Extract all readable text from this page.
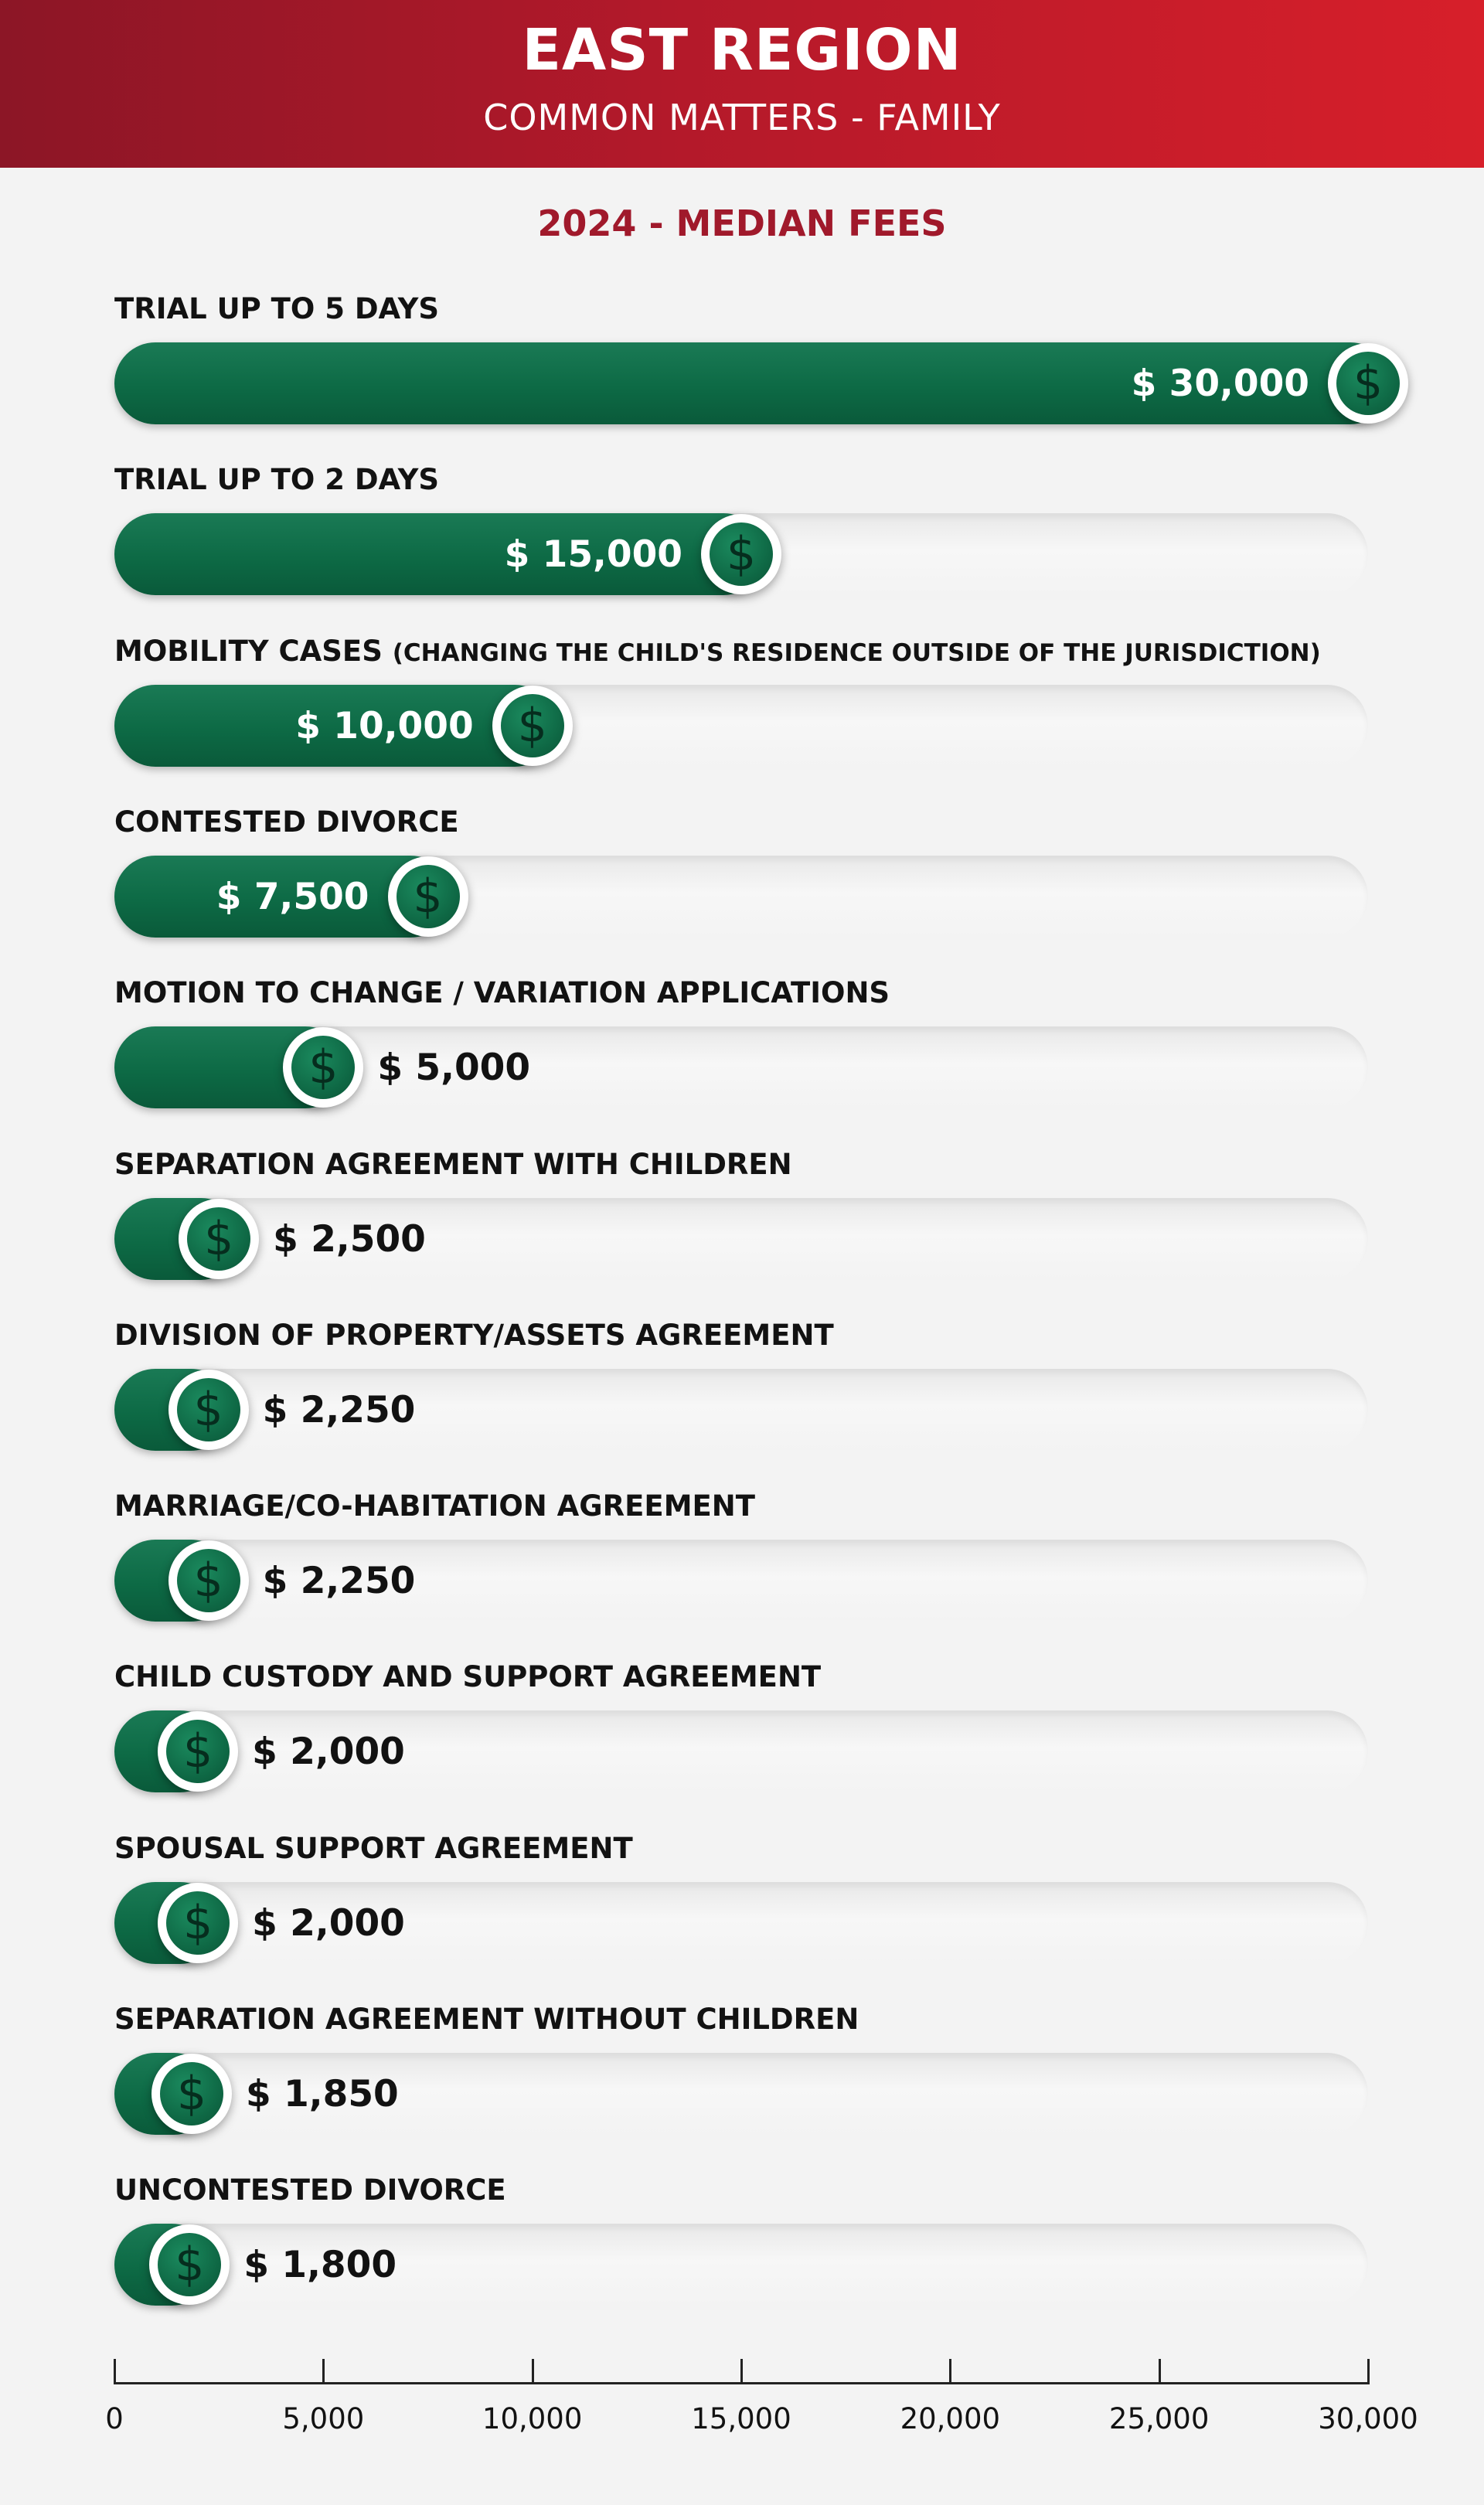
EAST REGION
COMMON MATTERS - FAMILY
2024 - MEDIAN FEES
TRIAL UP TO 5 DAYS
$
$ 30,000
TRIAL UP TO 2 DAYS
$
$ 15,000
MOBILITY CASES (CHANGING THE CHILD'S RESIDENCE OUTSIDE OF THE JURISDICTION)
$
$ 10,000
CONTESTED DIVORCE
$
$ 7,500
MOTION TO CHANGE / VARIATION APPLICATIONS
$	$ 5,000
SEPARATION AGREEMENT WITH CHILDREN
$	$ 2,500
DIVISION OF PROPERTY/ASSETS AGREEMENT
$	$ 2,250
MARRIAGE/CO-HABITATION AGREEMENT
$	$ 2,250
CHILD CUSTODY AND SUPPORT AGREEMENT
$	$ 2,000
SPOUSAL SUPPORT AGREEMENT
$	$ 2,000
SEPARATION AGREEMENT WITHOUT CHILDREN
$	$ 1,850
UNCONTESTED DIVORCE
$	$ 1,800
0	5,000	10,000	15,000	20,000	25,000	30,000
